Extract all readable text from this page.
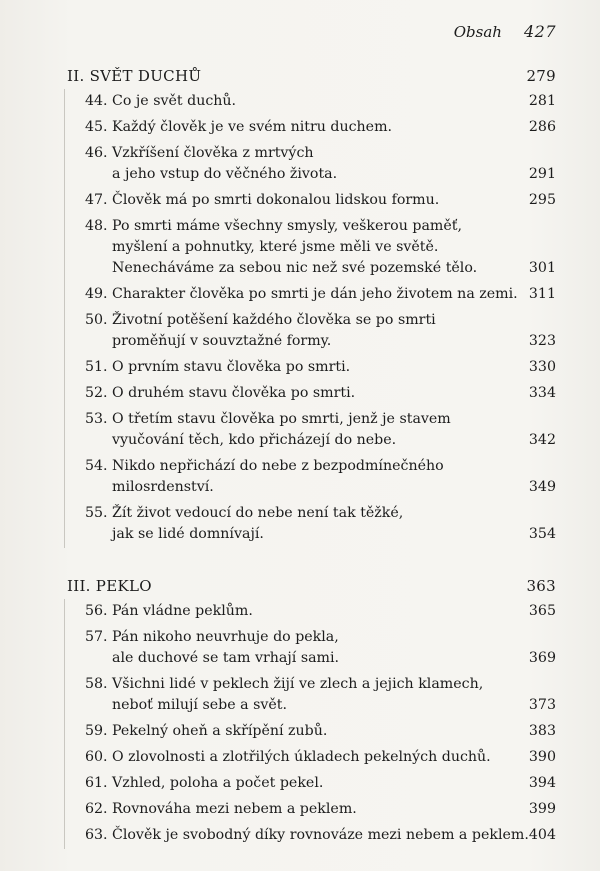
Obsah 427
II. SVĚT DUCHŮ	279
44. Co je svět duchů.	281
45. Každý člověk je ve svém nitru duchem.	286
46. Vzkříšení člověka z mrtvých
a jeho vstup do věčného života.	291
47. Člověk má po smrti dokonalou lidskou formu.	295
48. Po smrti máme všechny smysly, veškerou paměť,
myšlení a pohnutky, které jsme měli ve světě.
Nenecháváme za sebou nic než své pozemské tělo.	301
49. Charakter člověka po smrti je dán jeho životem na zemi. 311
50. Životní potěšení každého člověka se po smrti
proměňují v souvztažné formy.	323
51. O prvním stavu člověka po smrti.	330
52. O druhém stavu člověka po smrti.	334
53. O třetím stavu člověka po smrti, jenž je stavem
vyučování těch, kdo přicházejí do nebe.	342
54. Nikdo nepřichází do nebe z bezpodmínečného
milosrdenství.	349
55. Žít život vedoucí do nebe není tak těžké,
jak se lidé domnívají.	354
III. PEKLO	363
56. Pán vládne peklům.	365
57. Pán nikoho neuvrhuje do pekla,
ale duchové se tam vrhají sami.	369
58. Všichni lidé v peklech žijí ve zlech a jejich klamech,
neboť milují sebe a svět.	373
59. Pekelný oheň a skřípění zubů.	383
60. O zlovolnosti a zlotřilých úkladech pekelných duchů.	390
61. Vzhled, poloha a počet pekel.	394
62. Rovnováha mezi nebem a peklem.	399
63. Člověk je svobodný díky rovnováze mezi nebem a peklem. 404
